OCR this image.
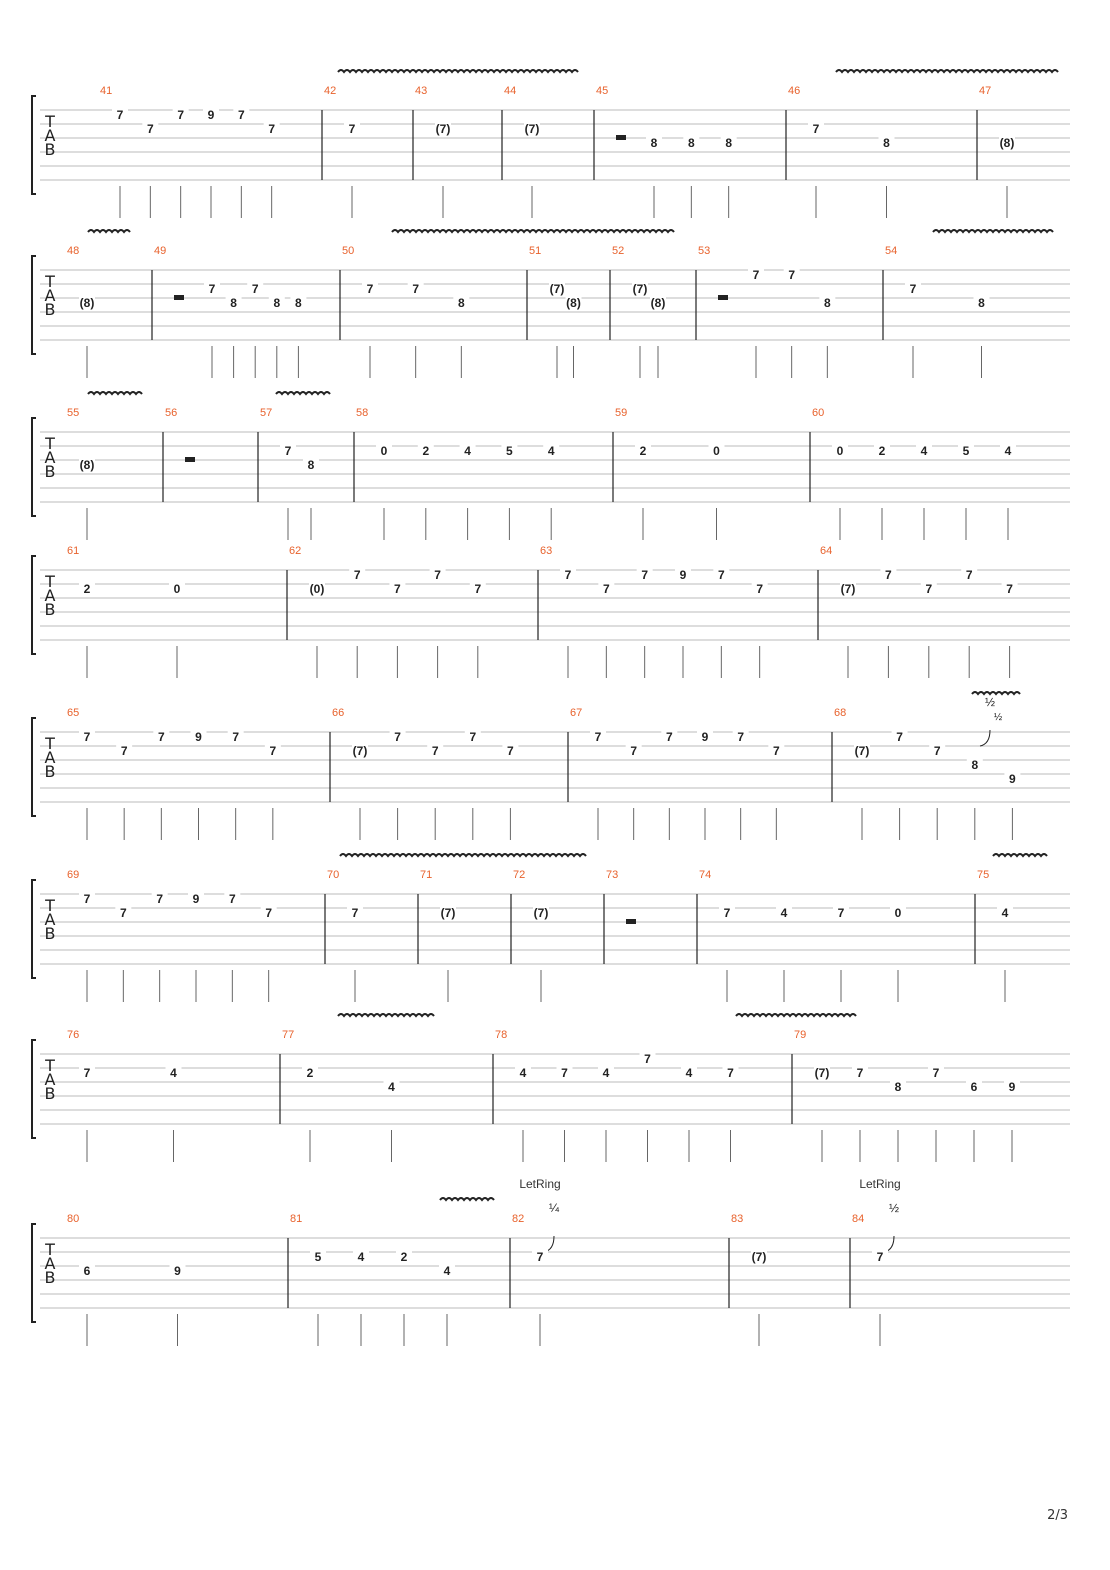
T
A
B
41
7
7
7 9 7
7
42
7
43
(7)
44
(7)
45
8	8	8
46
7
8
47
(8)
T
A
B
48
(8)
49
7
8
7
8 8
50
7	7
8
51
(7)
(8)
52
(7)
(8)
53
7 7
8
54
7
8
T
A
B
55
(8)
56	57
7
8
58
0	2	4	5	4
59
2	0
60
0	2	4	5	4
T
A
B
61
2	0
62
(0)
7
7
7
7
63
7
7
7	9	7
7
64
(7)
7
7
7
7
T
A
B
65
7
7
7	9	7
7
66
(7)
7
7
7
7
67
7
7
7 9 7
7
68
½
½
(7)
7
7
8
9
T
A
B
69
7
7
7 9 7
7
70
7
71
(7)
72
(7)
73	74
7	4	7	0
75
4
T
A
B
76
7	4
77
2
4
78
4	7	4
7
4	7
79
(7) 7
8
7
6	9
T
A
B
80
6	9
81
5	4	2
4
82
LetRing
¼
7
83
(7)
84
LetRing
½
7
2/3
